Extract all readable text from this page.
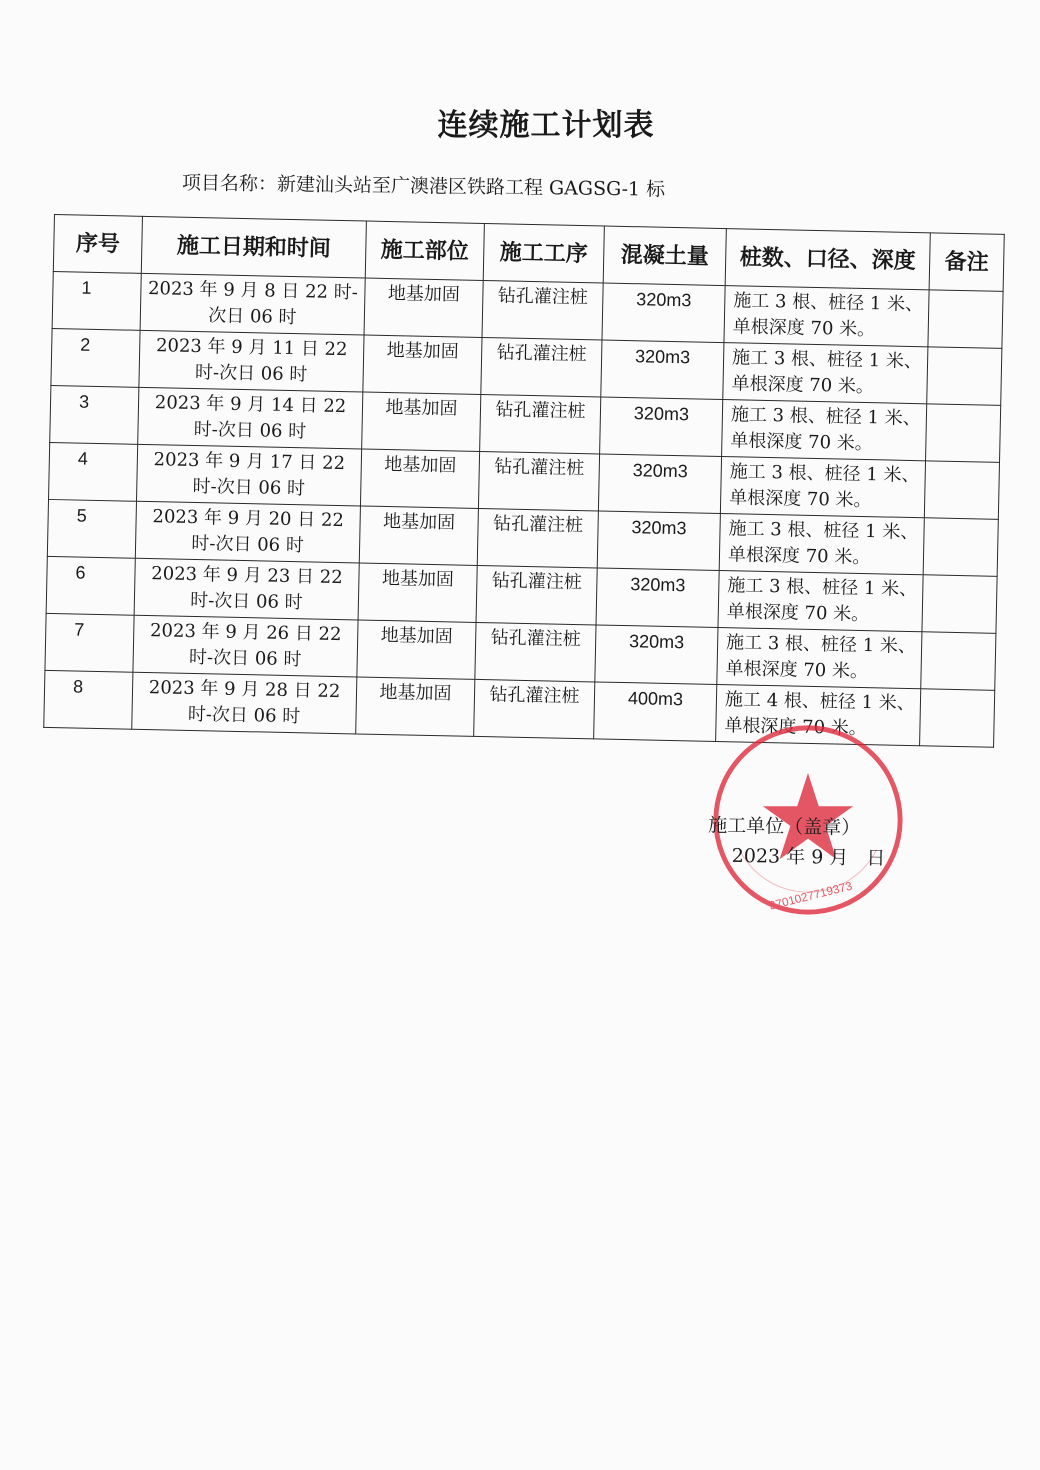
连续施工计划表
项目名称：新建汕头站至广澳港区铁路工程 GAGSG-1 标
序号	施工日期和时间	施工部位	施工工序	混凝土量	桩数、口径、深度	备注
1	2023 年 9 月 8 日 22 时-次日 06 时	地基加固	钻孔灌注桩	320m3	施工 3 根、桩径 1 米、单根深度 70 米。	
2	2023 年 9 月 11 日 22 时-次日 06 时	地基加固	钻孔灌注桩	320m3	施工 3 根、桩径 1 米、单根深度 70 米。	
3	2023 年 9 月 14 日 22 时-次日 06 时	地基加固	钻孔灌注桩	320m3	施工 3 根、桩径 1 米、单根深度 70 米。	
4	2023 年 9 月 17 日 22 时-次日 06 时	地基加固	钻孔灌注桩	320m3	施工 3 根、桩径 1 米、单根深度 70 米。	
5	2023 年 9 月 20 日 22 时-次日 06 时	地基加固	钻孔灌注桩	320m3	施工 3 根、桩径 1 米、单根深度 70 米。	
6	2023 年 9 月 23 日 22 时-次日 06 时	地基加固	钻孔灌注桩	320m3	施工 3 根、桩径 1 米、单根深度 70 米。	
7	2023 年 9 月 26 日 22 时-次日 06 时	地基加固	钻孔灌注桩	320m3	施工 3 根、桩径 1 米、单根深度 70 米。	
8	2023 年 9 月 28 日 22 时-次日 06 时	地基加固	钻孔灌注桩	400m3	施工 4 根、桩径 1 米、单根深度 70 米。	
3701027719373
施工单位（盖章）
2023 年 9 月   日
